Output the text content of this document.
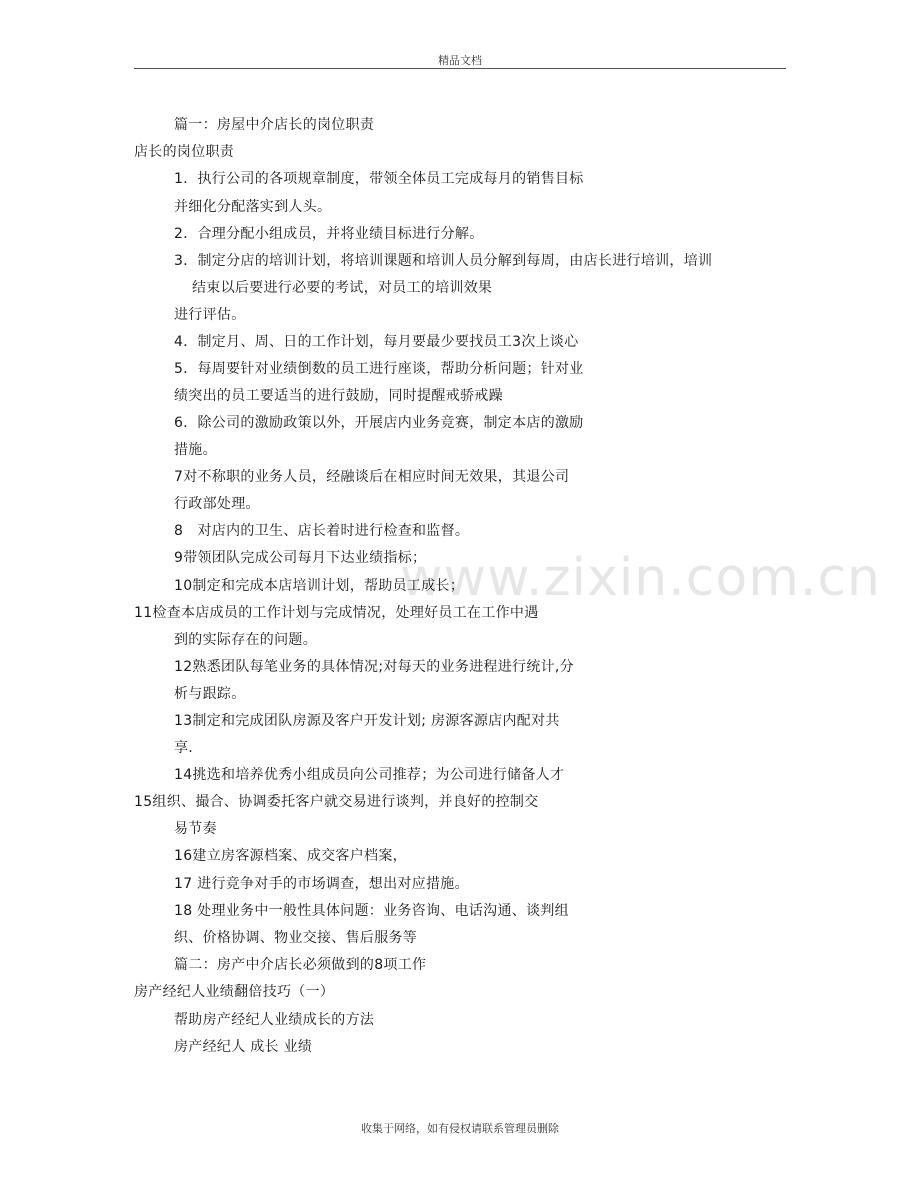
精品文档
www.zixin.com.cn
篇一：房屋中介店长的岗位职责
店长的岗位职责
1．执行公司的各项规章制度，带领全体员工完成每月的销售目标
并细化分配落实到人头。
2．合理分配小组成员，并将业绩目标进行分解。
3．制定分店的培训计划，将培训课题和培训人员分解到每周，由店长进行培训，培训
结束以后要进行必要的考试，对员工的培训效果
进行评估。
4．制定月、周、日的工作计划，每月要最少要找员工3次上谈心
5．每周要针对业绩倒数的员工进行座谈，帮助分析问题；针对业
绩突出的员工要适当的进行鼓励，同时提醒戒骄戒躁
6．除公司的激励政策以外，开展店内业务竞赛，制定本店的激励
措施。
7对不称职的业务人员，经融谈后在相应时间无效果，其退公司
行政部处理。
8　对店内的卫生、店长着时进行检查和监督。
9带领团队完成公司每月下达业绩指标；
10制定和完成本店培训计划，帮助员工成长；
11检查本店成员的工作计划与完成情况，处理好员工在工作中遇
到的实际存在的问题。
12熟悉团队每笔业务的具体情况;对每天的业务进程进行统计,分
析与跟踪。
13制定和完成团队房源及客户开发计划; 房源客源店内配对共
享.
14挑选和培养优秀小组成员向公司推荐；为公司进行储备人才
15组织、撮合、协调委托客户就交易进行谈判，并良好的控制交
易节奏
16建立房客源档案、成交客户档案，
17 进行竞争对手的市场调查，想出对应措施。
18 处理业务中一般性具体问题：业务咨询、电话沟通、谈判组
织、价格协调、物业交接、售后服务等
篇二：房产中介店长必须做到的8项工作
房产经纪人业绩翻倍技巧（一）
帮助房产经纪人业绩成长的方法
房产经纪人 成长 业绩
收集于网络，如有侵权请联系管理员删除
